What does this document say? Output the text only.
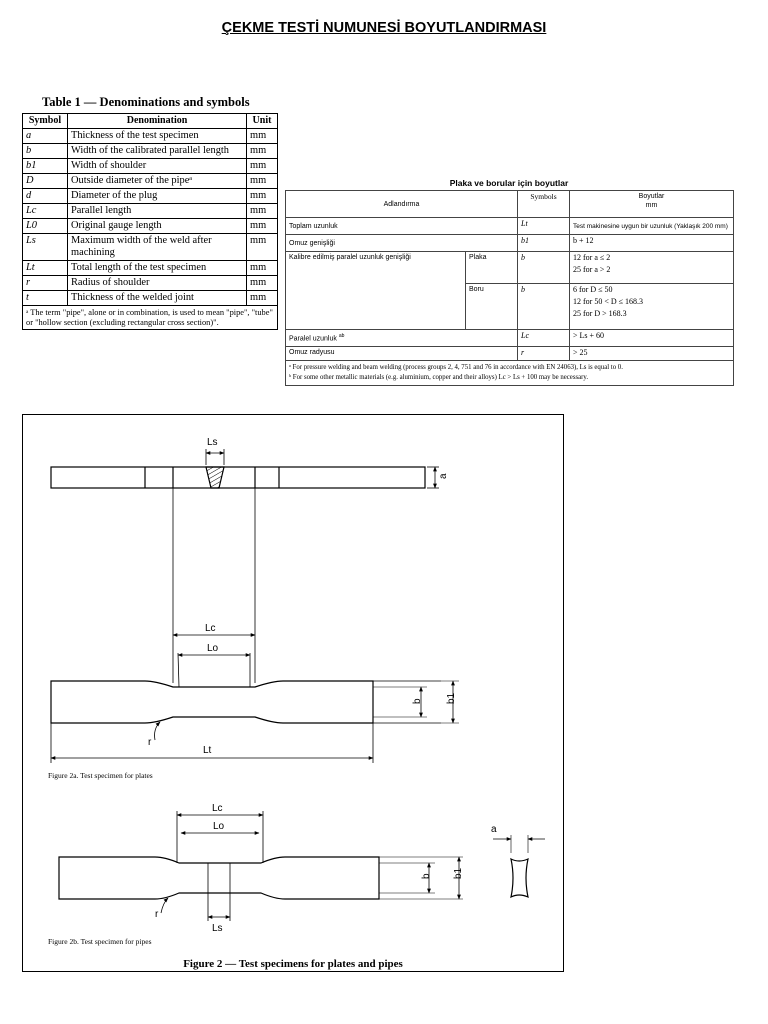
ÇEKME TESTİ NUMUNESİ BOYUTLANDIRMASI
Table 1 — Denominations and symbols
Symbol	Denomination	Unit
a	Thickness of the test specimen	mm
b	Width of the calibrated parallel length	mm
b1	Width of shoulder	mm
D	Outside diameter of the pipeᵃ	mm
d	Diameter of the plug	mm
Lc	Parallel length	mm
L0	Original gauge length	mm
Ls	Maximum width of the weld after machining	mm
Lt	Total length of the test specimen	mm
r	Radius of shoulder	mm
t	Thickness of the welded joint	mm
ᵃ The term "pipe", alone or in combination, is used to mean "pipe", "tube" or "hollow section (excluding rectangular cross section)".		
Plaka ve borular için boyutlar
Adlandırma		Symbols	Boyutlar
mm

Toplam uzunluk		Lt	Test makinesine uygun bir uzunluk (Yaklaşık 200 mm)
Omuz genişliği		b1	b + 12
Kalibre edilmiş paralel uzunluk genişliği	Plaka	b	12 for a ≤ 2
25 for a > 2

	Boru	b	6 for D ≤ 50
12 for 50 < D ≤ 168.3
25 for D > 168.3

Paralel uzunluk $^{ab}$		Lc	> Ls + 60
Omuz radyusu		r	> 25

ᵃ For pressure welding and beam welding (process groups 2, 4, 751 and 76 in accordance with EN 24063), Ls is equal to 0.
ᵇ For some other metallic materials (e.g. aluminium, copper and their alloys) Lc > Ls + 100 may be necessary.			
Ls
a
Lc
Lo
b b1
r
Lt
Lc
Lo
b b1
r
Ls
a
Figure 2a. Test specimen for plates
Figure 2b. Test specimen for pipes
Figure 2 — Test specimens for plates and pipes
